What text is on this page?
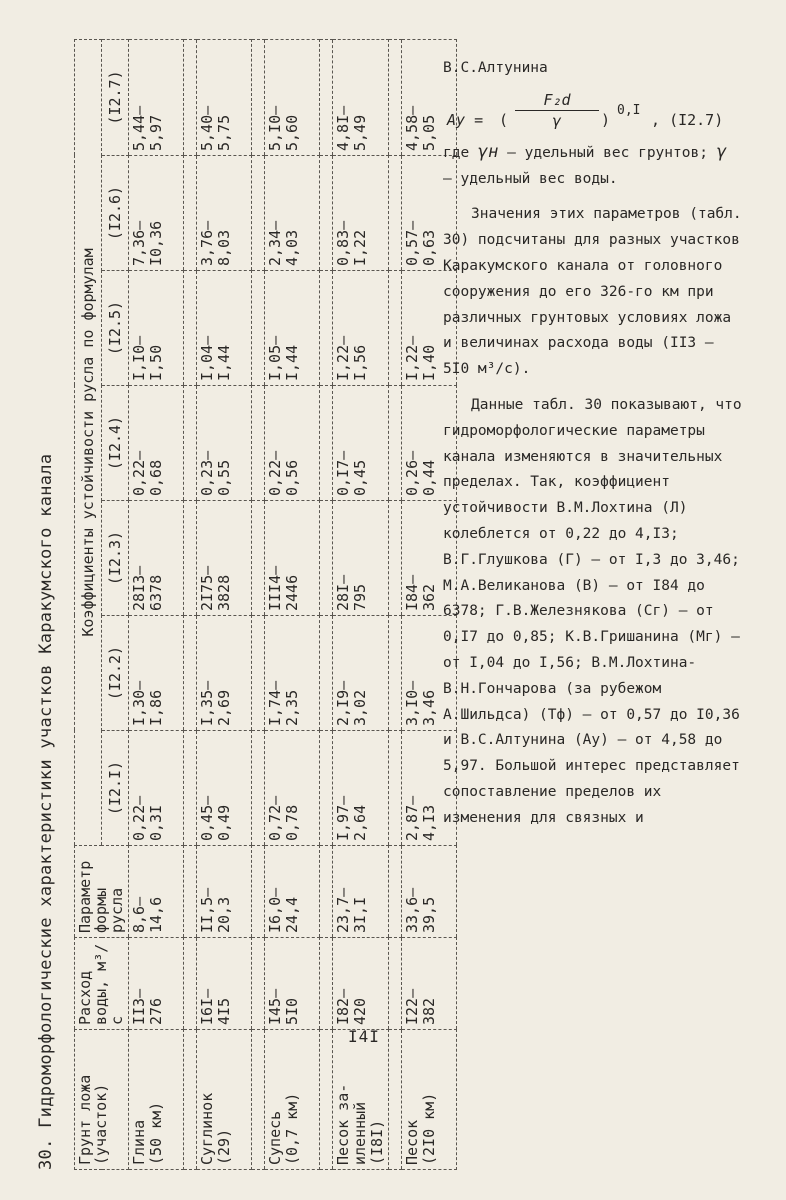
30. Гидроморфологические характеристики участков Каракумского канала	Грунт ложа (участок)	Расход воды, м³/с	Параметр формы русла	Коэффициенты устойчивости русла по формулам						
			(I2.I)	(I2.2)	(I2.3)	(I2.4)	(I2.5)	(I2.6)	(I2.7)

Глина (50 км)	II3– 276	8,6– 14,6	0,22– 0,3I	I,30– I,86	28I3– 6378	0,22– 0,68	I,I0– I,50	7,36– I0,36	5,44– 5,97

Суглинок (29)	I6I– 4I5	II,5– 20,3	0,45– 0,49	I,35– 2,69	2I75– 3828	0,23– 0,55	I,04– I,44	3,76– 8,03	5,40– 5,75

Супесь (0,7 км)	I45– 5I0	I6,0– 24,4	0,72– 0,78	I,74– 2,35	III4– 2446	0,22– 0,56	I,05– I,44	2,34– 4,03	5,I0– 5,60

Песок за- иленный (I8I)	I82– 420	23,7– 3I,I	I,97– 2,64	2,I9– 3,02	28I– 795	0,I7– 0,45	I,22– I,56	0,83– I,22	4,8I– 5,49

Песок (2I0 км)	I22– 382	33,6– 39,5	2,87– 4,I3	3,I0– 3,46	I84– 362	0,26– 0,44	I,22– I,40	0,57– 0,63	4,58– 5,05

В.С.Алтунина

Aу = ( $\frac{\text{F₂d}}{\gamma}$ )
0,I
, (I2.7)

где γн – удельный вес грунтов; γ – удельный вес воды.

Значения этих параметров (табл. 30) подсчитаны для разных участков Каракумского канала от головного сооружения до его 326-го км при различных грунтовых условиях ложа и величинах расхода воды (II3 – 5I0 м³/с).

Данные табл. 30 показывают, что гидроморфологические параметры канала изменяются в значительных пределах. Так, коэффициент устойчивости В.М.Лохтина (Л) колеблется от 0,22 до 4,I3; В.Г.Глушкова (Г) – от I,3 до 3,46; М.А.Великанова (В) – от I84 до 6378; Г.В.Железнякова (Cг) – от 0,I7 до 0,85; К.В.Гришанина (Мг) – от I,04 до I,56; В.М.Лохтина-В.Н.Гончарова (за рубежом А.Шильдса) (Тф) – от 0,57 до I0,36 и В.С.Алтунина (Ау) – от 4,58 до 5,97. Большой интерес представляет сопоставление пределов их изменения для связных и

I4I
